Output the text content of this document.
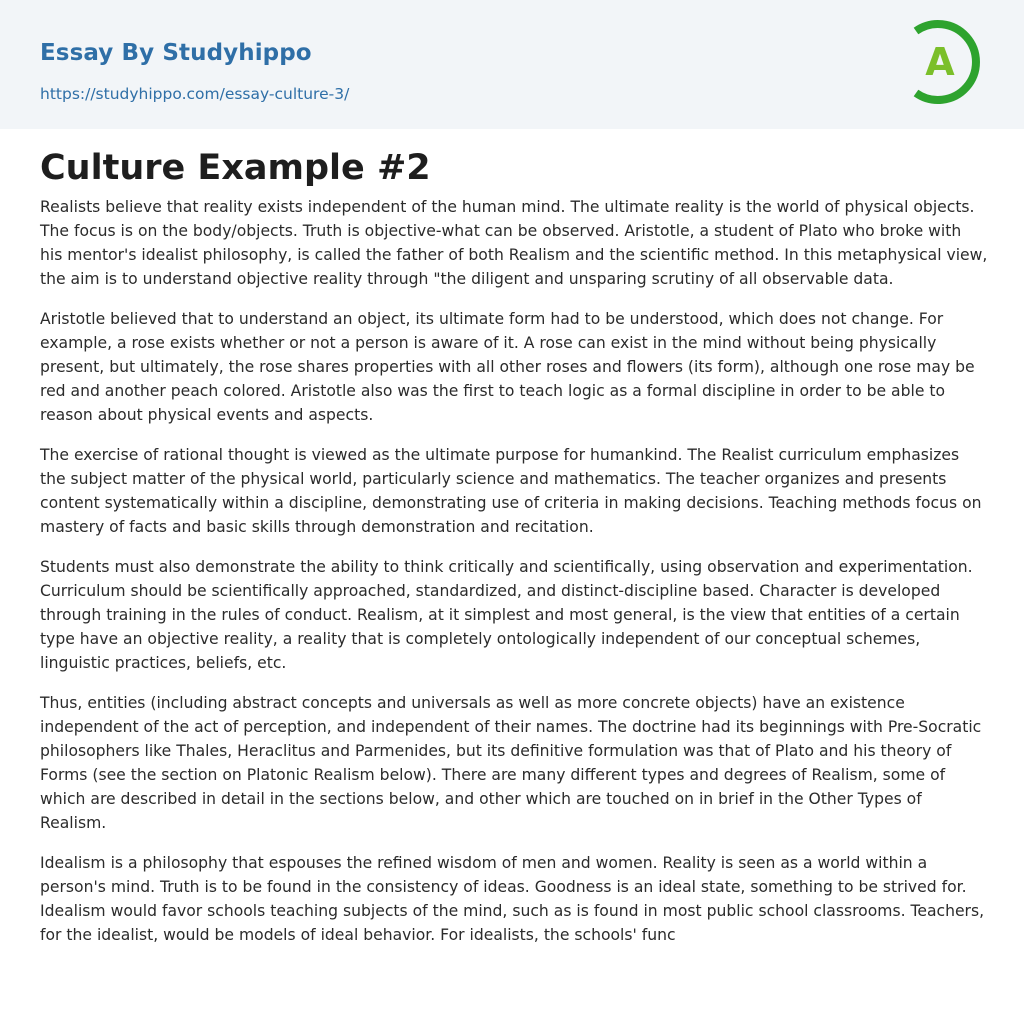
Essay By Studyhippo
https://studyhippo.com/essay-culture-3/
A
Culture Example #2

Realists believe that reality exists independent of the human mind. The ultimate reality is the world of physical objects. The focus is on the body/objects. Truth is objective-what can be observed. Aristotle, a student of Plato who broke with his mentor's idealist philosophy, is called the father of both Realism and the scientific method. In this metaphysical view, the aim is to understand objective reality through "the diligent and unsparing scrutiny of all observable data.

Aristotle believed that to understand an object, its ultimate form had to be understood, which does not change. For example, a rose exists whether or not a person is aware of it. A rose can exist in the mind without being physically present, but ultimately, the rose shares properties with all other roses and flowers (its form), although one rose may be red and another peach colored. Aristotle also was the first to teach logic as a formal discipline in order to be able to reason about physical events and aspects.

The exercise of rational thought is viewed as the ultimate purpose for humankind. The Realist curriculum emphasizes the subject matter of the physical world, particularly science and mathematics. The teacher organizes and presents content systematically within a discipline, demonstrating use of criteria in making decisions. Teaching methods focus on mastery of facts and basic skills through demonstration and recitation.

Students must also demonstrate the ability to think critically and scientifically, using observation and experimentation. Curriculum should be scientifically approached, standardized, and distinct-discipline based. Character is developed through training in the rules of conduct. Realism, at it simplest and most general, is the view that entities of a certain type have an objective reality, a reality that is completely ontologically independent of our conceptual schemes, linguistic practices, beliefs, etc.

Thus, entities (including abstract concepts and universals as well as more concrete objects) have an existence independent of the act of perception, and independent of their names. The doctrine had its beginnings with Pre-Socratic philosophers like Thales, Heraclitus and Parmenides, but its definitive formulation was that of Plato and his theory of Forms (see the section on Platonic Realism below). There are many different types and degrees of Realism, some of which are described in detail in the sections below, and other which are touched on in brief in the Other Types of Realism.

Idealism is a philosophy that espouses the refined wisdom of men and women. Reality is seen as a world within a person's mind. Truth is to be found in the consistency of ideas. Goodness is an ideal state, something to be strived for. Idealism would favor schools teaching subjects of the mind, such as is found in most public school classrooms. Teachers, for the idealist, would be models of ideal behavior. For idealists, the schools' func
